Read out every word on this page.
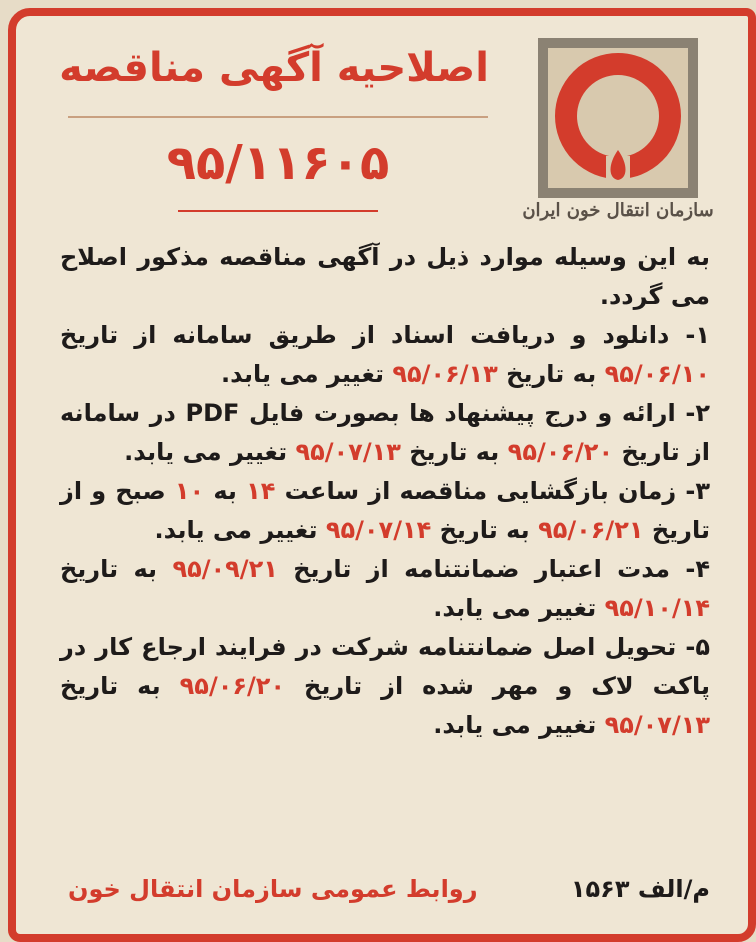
سازمان انتقال خون ایران
اصلاحیه آگهی مناقصه
۹۵/۱۱۶۰۵

به این وسیله موارد ذیل در آگهی مناقصه مذکور اصلاح می گردد.

۱- دانلود و دریافت اسناد از طریق سامانه از تاریخ ۹۵/۰۶/۱۰ به تاریخ ۹۵/۰۶/۱۳ تغییر می یابد.

۲- ارائه و درج پیشنهاد ها بصورت فایل PDF در سامانه از تاریخ ۹۵/۰۶/۲۰ به تاریخ ۹۵/۰۷/۱۳ تغییر می یابد.

۳- زمان بازگشایی مناقصه از ساعت ۱۴ به ۱۰ صبح و از تاریخ ۹۵/۰۶/۲۱ به تاریخ ۹۵/۰۷/۱۴ تغییر می یابد.

۴- مدت اعتبار ضمانتنامه از تاریخ ۹۵/۰۹/۲۱ به تاریخ ۹۵/۱۰/۱۴ تغییر می یابد.

۵- تحویل اصل ضمانتنامه شرکت در فرایند ارجاع کار در پاکت لاک و مهر شده از تاریخ ۹۵/۰۶/۲۰ به تاریخ ۹۵/۰۷/۱۳ تغییر می یابد.

م/الف ۱۵۶۳
روابط عمومی سازمان انتقال خون
